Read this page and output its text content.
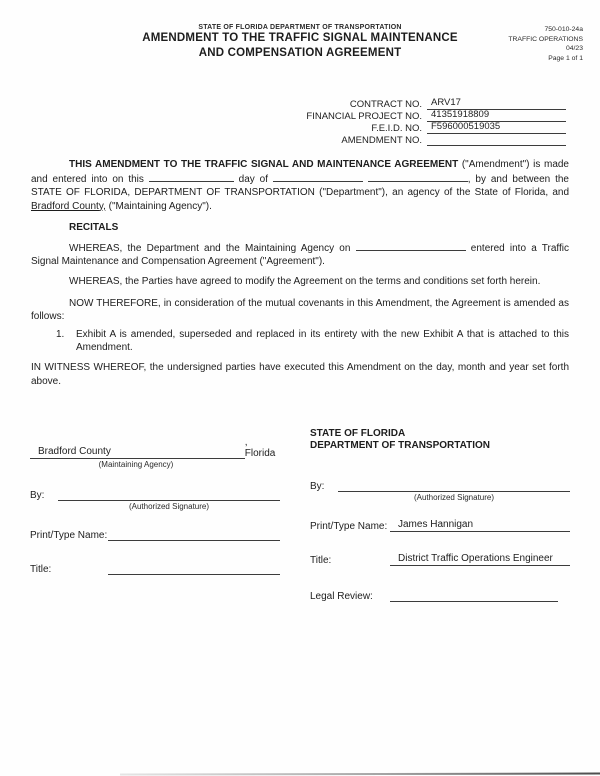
STATE OF FLORIDA DEPARTMENT OF TRANSPORTATION
AMENDMENT TO THE TRAFFIC SIGNAL MAINTENANCE
AND COMPENSATION AGREEMENT
750-010-24a
TRAFFIC OPERATIONS
04/23
Page 1 of 1
CONTRACT NO. ARV17
FINANCIAL PROJECT NO. 41351918809
F.E.I.D. NO. F596000519035
AMENDMENT NO.

THIS AMENDMENT TO THE TRAFFIC SIGNAL AND MAINTENANCE AGREEMENT ("Amendment") is made and entered into on this	day of	, by and between the STATE OF FLORIDA, DEPARTMENT OF TRANSPORTATION ("Department"), an agency of the State of Florida, and Bradford County, ("Maintaining Agency").

RECITALS

WHEREAS, the Department and the Maintaining Agency on	entered into a Traffic Signal Maintenance and Compensation Agreement ("Agreement").

WHEREAS, the Parties have agreed to modify the Agreement on the terms and conditions set forth herein.

NOW THEREFORE, in consideration of the mutual covenants in this Amendment, the Agreement is amended as follows:

1.	Exhibit A is amended, superseded and replaced in its entirety with the new Exhibit A that is attached to this Amendment.

IN WITNESS WHEREOF, the undersigned parties have executed this Amendment on the day, month and year set forth above.

Bradford County
, Florida
(Maintaining Agency)
By:
(Authorized Signature)
Print/Type Name:
Title:
STATE OF FLORIDA
DEPARTMENT OF TRANSPORTATION
By:
(Authorized Signature)
Print/Type Name:	James Hannigan
Title:	District Traffic Operations Engineer
Legal Review:
